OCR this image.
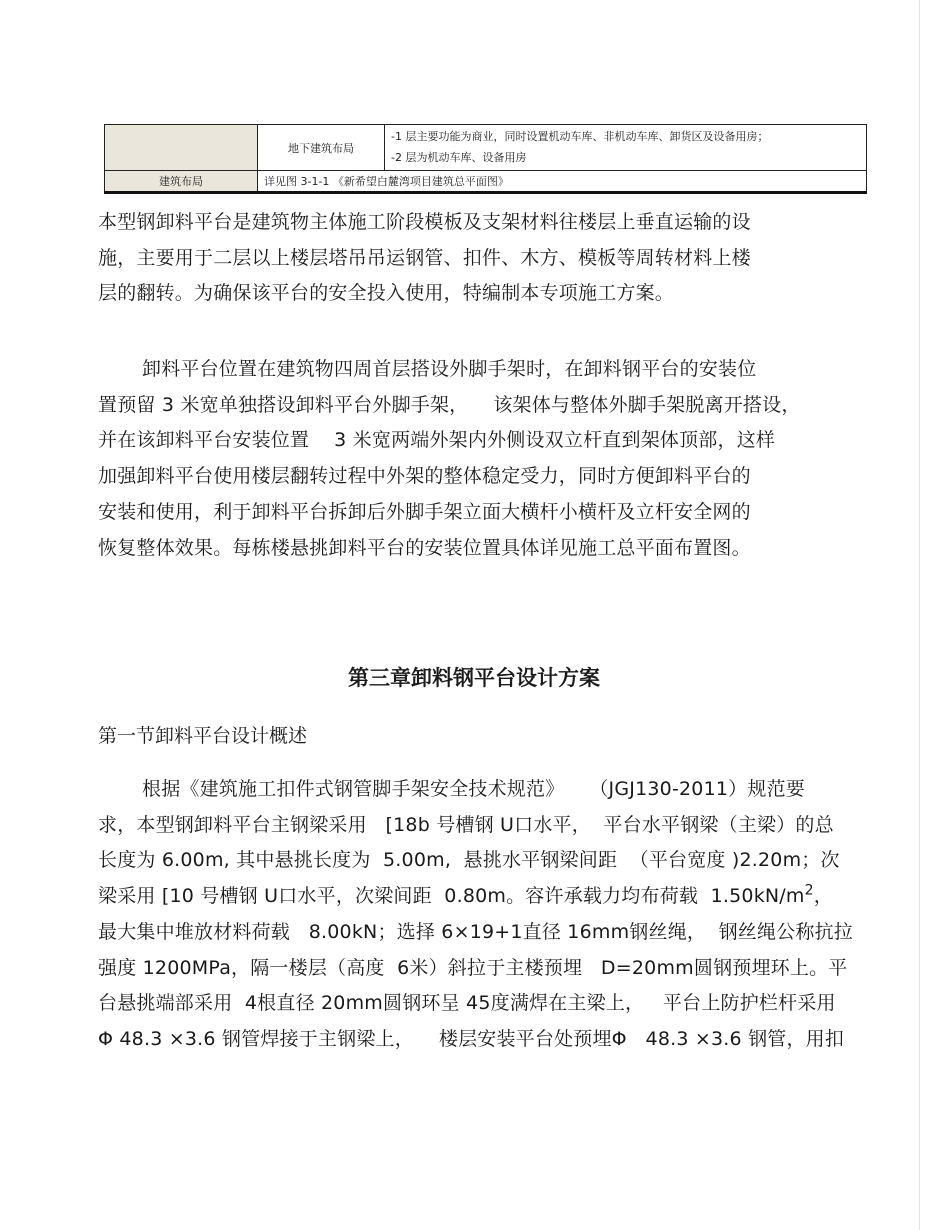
	地下建筑布局	-1 层主要功能为商业，同时设置机动车库、非机动车库、卸货区及设备用房；
-2 层为机动车库、设备用房

建筑布局	详见图 3-1-1 《新希望白麓湾项目建筑总平面图》	
本型钢卸料平台是建筑物主体施工阶段模板及支架材料往楼层上垂直运输的设
施，主要用于二层以上楼层塔吊吊运钢管、扣件、木方、模板等周转材料上楼
层的翻转。为确保该平台的安全投入使用，特编制本专项施工方案。
卸料平台位置在建筑物四周首层搭设外脚手架时，在卸料钢平台的安装位
置预留 3 米宽单独搭设卸料平台外脚手架，    该架体与整体外脚手架脱离开搭设，
并在该卸料平台安装位置    3 米宽两端外架内外侧设双立杆直到架体顶部，这样
加强卸料平台使用楼层翻转过程中外架的整体稳定受力，同时方便卸料平台的
安装和使用，利于卸料平台拆卸后外脚手架立面大横杆小横杆及立杆安全网的
恢复整体效果。每栋楼悬挑卸料平台的安装位置具体详见施工总平面布置图。
第三章卸料钢平台设计方案
第一节卸料平台设计概述
根据《建筑施工扣件式钢管脚手架安全技术规范》    （JGJ130-2011）规范要
求，本型钢卸料平台主钢梁采用   [18b 号槽钢 U口水平，  平台水平钢梁（主梁）的总
长度为 6.00m, 其中悬挑长度为  5.00m,  悬挑水平钢梁间距  （平台宽度 )2.20m；次
梁采用 [10 号槽钢 U口水平，次梁间距  0.80m。容许承载力均布荷载  $1.50kN/m^2$，
最大集中堆放材料荷载   8.00kN；选择 6×19+1直径 16mm钢丝绳，  钢丝绳公称抗拉
强度 1200MPa，隔一楼层（高度  6米）斜拉于主楼预埋   D=20mm圆钢预埋环上。平
台悬挑端部采用  4根直径 20mm圆钢环呈 45度满焊在主梁上，   平台上防护栏杆采用
Φ 48.3 ×3.6 钢管焊接于主钢梁上，    楼层安装平台处预埋Φ   48.3 ×3.6 钢管，用扣
